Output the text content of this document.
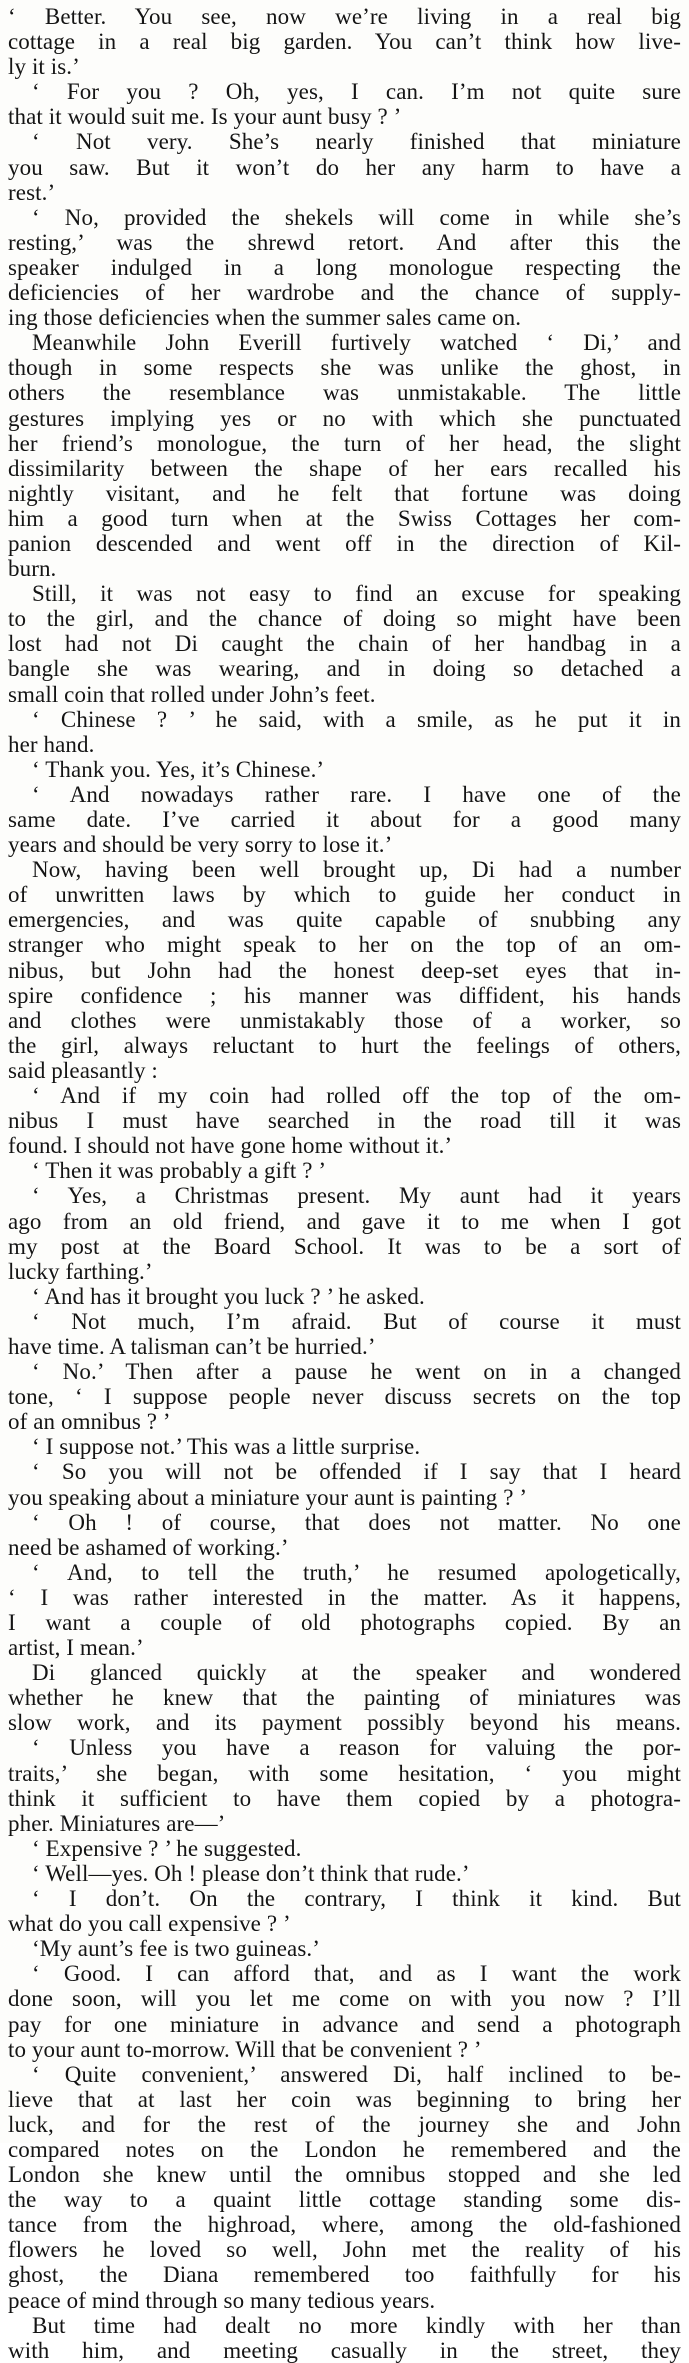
‘ Better. You see, now we’re living in a real big
cottage in a real big garden. You can’t think how live-
ly it is.’
‘ For you ? Oh, yes, I can. I’m not quite sure
that it would suit me. Is your aunt busy ? ’
‘ Not very. She’s nearly finished that miniature
you saw. But it won’t do her any harm to have a
rest.’
‘ No, provided the shekels will come in while she’s
resting,’ was the shrewd retort. And after this the
speaker indulged in a long monologue respecting the
deficiencies of her wardrobe and the chance of supply-
ing those deficiencies when the summer sales came on.
Meanwhile John Everill furtively watched ‘ Di,’ and
though in some respects she was unlike the ghost, in
others the resemblance was unmistakable. The little
gestures implying yes or no with which she punctuated
her friend’s monologue, the turn of her head, the slight
dissimilarity between the shape of her ears recalled his
nightly visitant, and he felt that fortune was doing
him a good turn when at the Swiss Cottages her com-
panion descended and went off in the direction of Kil-
burn.
Still, it was not easy to find an excuse for speaking
to the girl, and the chance of doing so might have been
lost had not Di caught the chain of her handbag in a
bangle she was wearing, and in doing so detached a
small coin that rolled under John’s feet.
‘ Chinese ? ’ he said, with a smile, as he put it in
her hand.
‘ Thank you. Yes, it’s Chinese.’
‘ And nowadays rather rare. I have one of the
same date. I’ve carried it about for a good many
years and should be very sorry to lose it.’
Now, having been well brought up, Di had a number
of unwritten laws by which to guide her conduct in
emergencies, and was quite capable of snubbing any
stranger who might speak to her on the top of an om-
nibus, but John had the honest deep-set eyes that in-
spire confidence ; his manner was diffident, his hands
and clothes were unmistakably those of a worker, so
the girl, always reluctant to hurt the feelings of others,
said pleasantly :
‘ And if my coin had rolled off the top of the om-
nibus I must have searched in the road till it was
found. I should not have gone home without it.’
‘ Then it was probably a gift ? ’
‘ Yes, a Christmas present. My aunt had it years
ago from an old friend, and gave it to me when I got
my post at the Board School. It was to be a sort of
lucky farthing.’
‘ And has it brought you luck ? ’ he asked.
‘ Not much, I’m afraid. But of course it must
have time. A talisman can’t be hurried.’
‘ No.’ Then after a pause he went on in a changed
tone, ‘ I suppose people never discuss secrets on the top
of an omnibus ? ’
‘ I suppose not.’ This was a little surprise.
‘ So you will not be offended if I say that I heard
you speaking about a miniature your aunt is painting ? ’
‘ Oh ! of course, that does not matter. No one
need be ashamed of working.’
‘ And, to tell the truth,’ he resumed apologetically,
‘ I was rather interested in the matter. As it happens,
I want a couple of old photographs copied. By an
artist, I mean.’
Di glanced quickly at the speaker and wondered
whether he knew that the painting of miniatures was
slow work, and its payment possibly beyond his means.
‘ Unless you have a reason for valuing the por-
traits,’ she began, with some hesitation, ‘ you might
think it sufficient to have them copied by a photogra-
pher. Miniatures are—’
‘ Expensive ? ’ he suggested.
‘ Well—yes. Oh ! please don’t think that rude.’
‘ I don’t. On the contrary, I think it kind. But
what do you call expensive ? ’
‘My aunt’s fee is two guineas.’
‘ Good. I can afford that, and as I want the work
done soon, will you let me come on with you now ? I’ll
pay for one miniature in advance and send a photograph
to your aunt to-morrow. Will that be convenient ? ’
‘ Quite convenient,’ answered Di, half inclined to be-
lieve that at last her coin was beginning to bring her
luck, and for the rest of the journey she and John
compared notes on the London he remembered and the
London she knew until the omnibus stopped and she led
the way to a quaint little cottage standing some dis-
tance from the highroad, where, among the old-fashioned
flowers he loved so well, John met the reality of his
ghost, the Diana remembered too faithfully for his
peace of mind through so many tedious years.
But time had dealt no more kindly with her than
with him, and meeting casually in the street, they
